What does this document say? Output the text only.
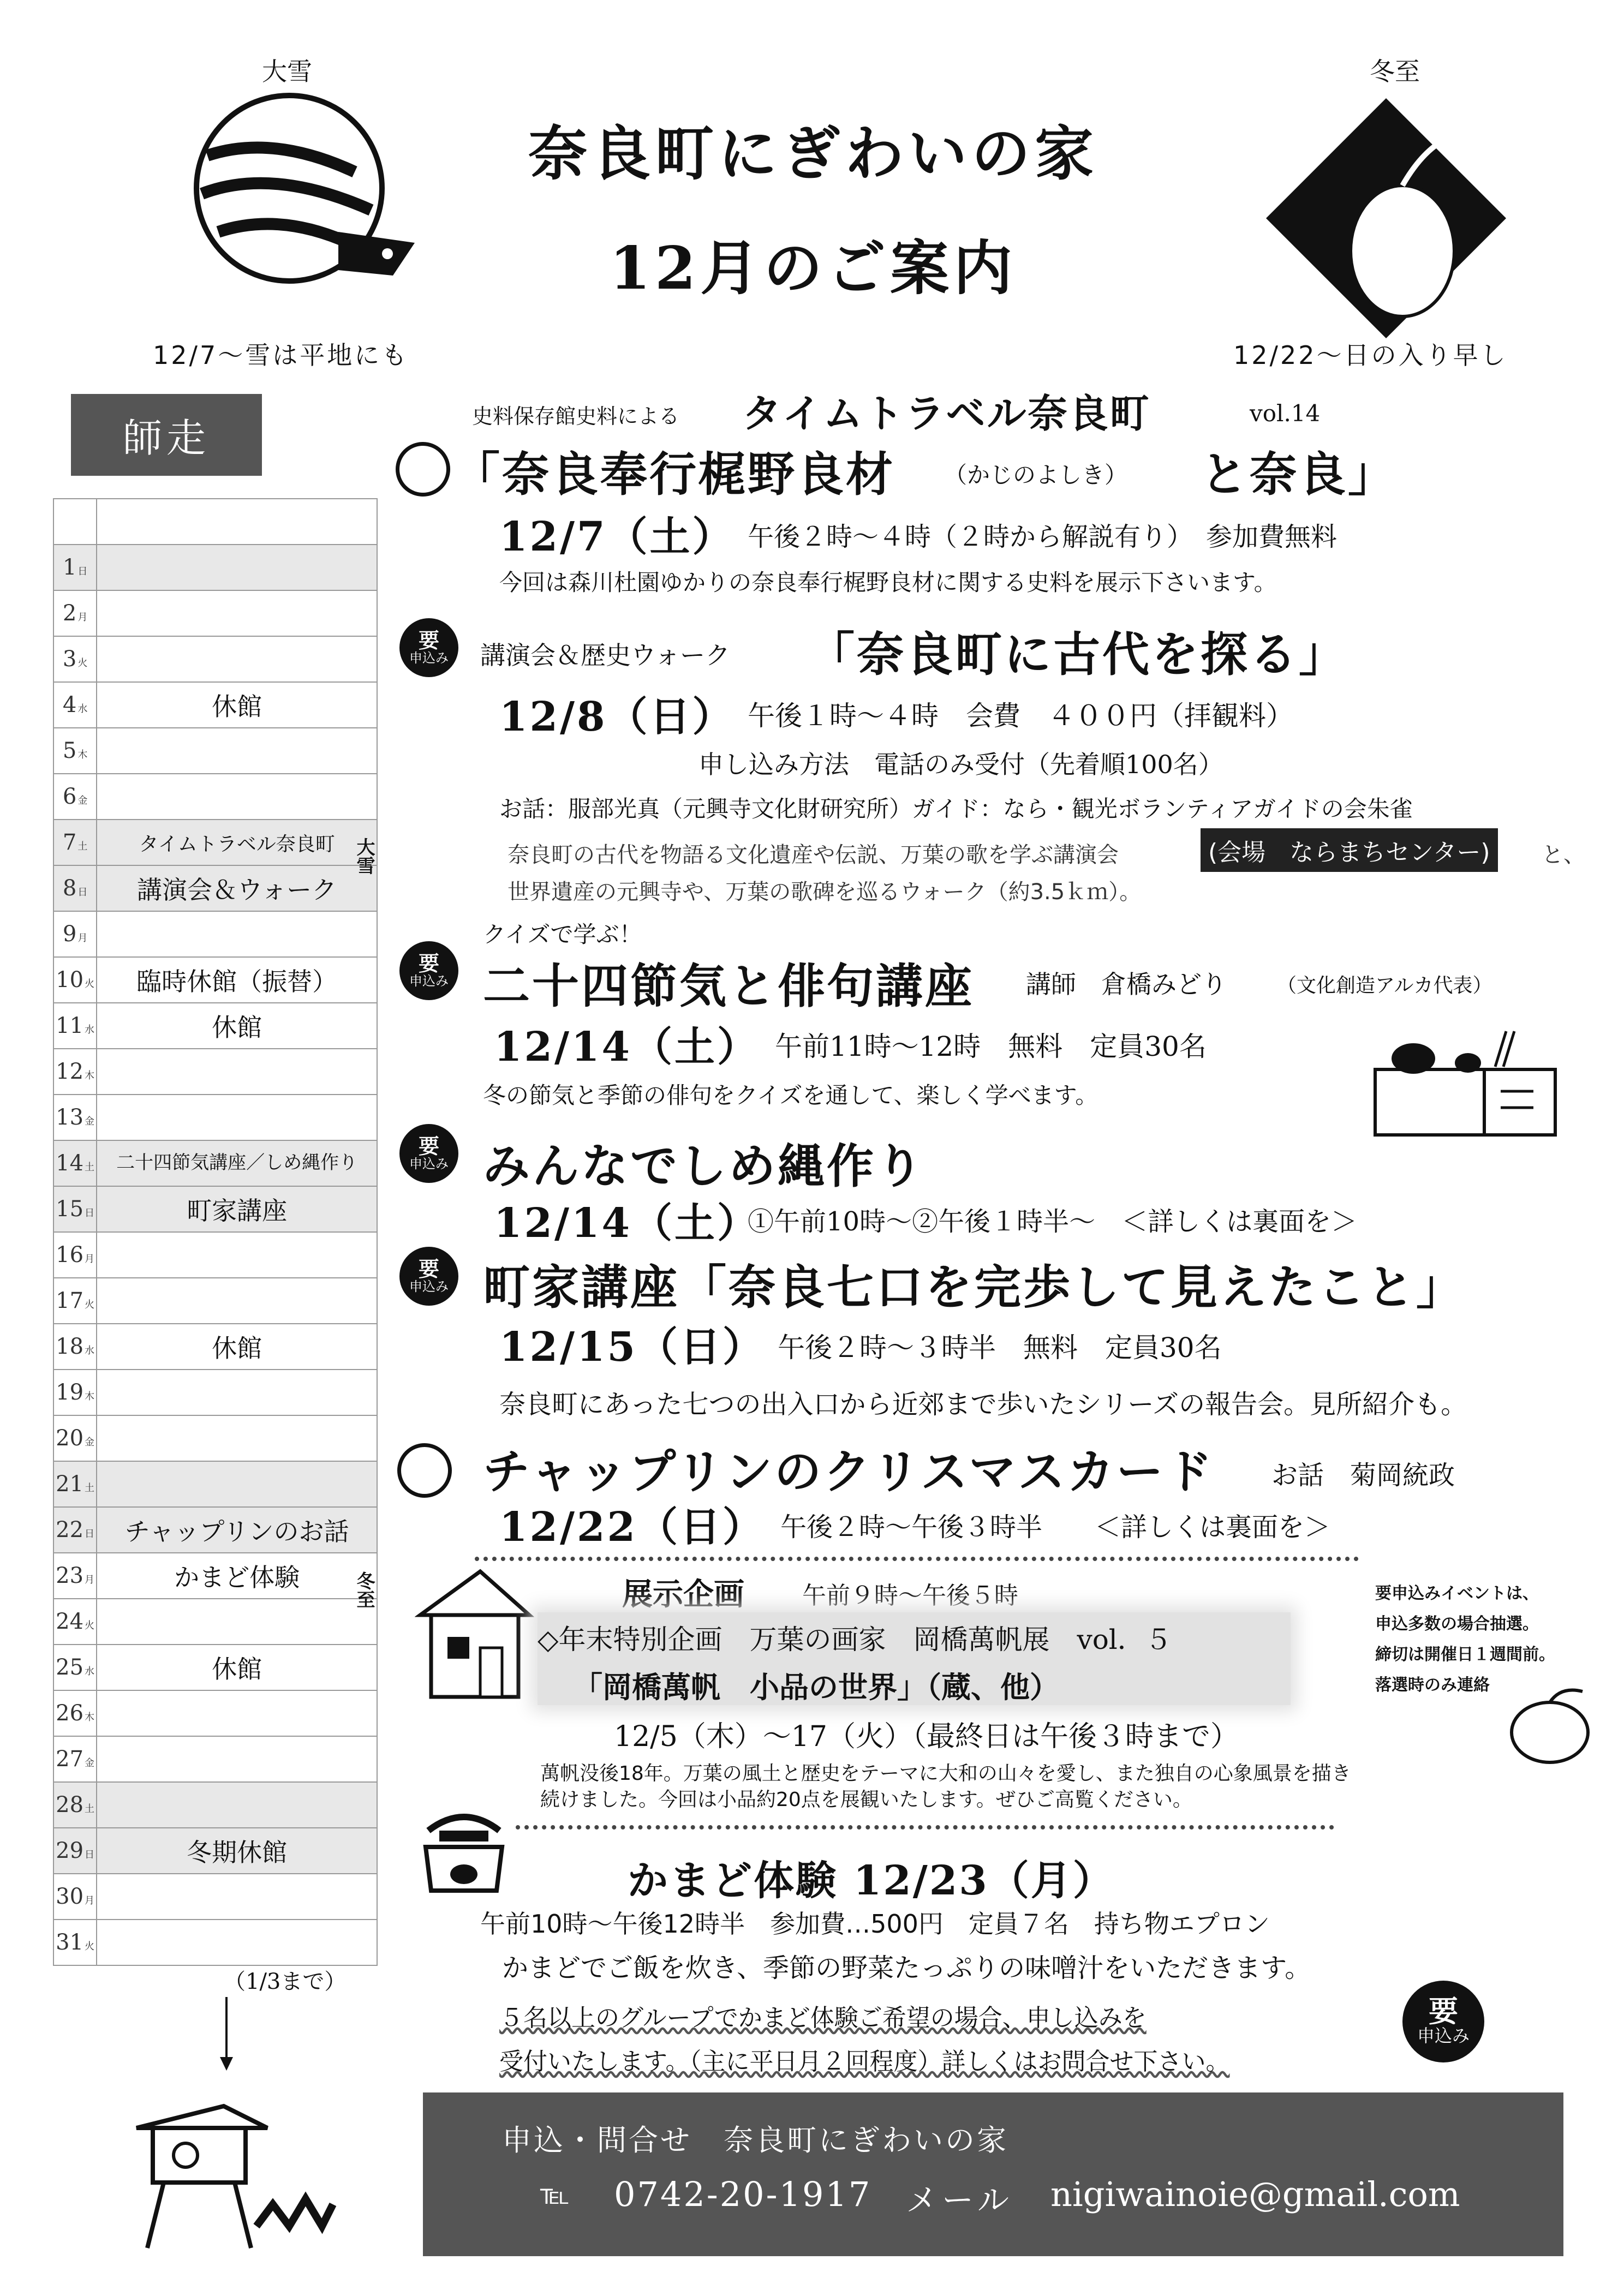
大雪
12/7〜雪は平地にも
奈良町にぎわいの家
12月のご案内
冬至
12/22〜日の入り早し
師走

1 日	
2 月	
3 火	
4 水	休館

5 木	
6 金	
7 土	タイムトラベル奈良町

8 日	講演会＆ウォーク

9 月	
10 火	臨時休館（振替）

11 水	休館

12 木	
13 金	
14 土	二十四節気講座／しめ縄作り

15 日	町家講座

16 月	
17 火	
18 水	休館

19 木	
20 金	
21 土	
22 日	チャップリンのお話

23 月	かまど体験

24 火	
25 水	休館

26 木	
27 金	
28 土	
29 日	冬期休館

30 月	
31 火	
大雪
冬至
（1/3まで）
史料保存館史料による タイムトラベル奈良町	vol.14
「奈良奉行梶野良材 （かじのよしき） と奈良」
12/7（土） 午後２時〜４時（２時から解説有り）　参加費無料
今回は森川杜園ゆかりの奈良奉行梶野良材に関する史料を展示下さいます。
要
申込み 講演会＆歴史ウォーク 「奈良町に古代を探る」
12/8（日） 午後１時〜４時　会費　４００円（拝観料）
申し込み方法　電話のみ受付（先着順100名）
お話：服部光真（元興寺文化財研究所）ガイド：なら・観光ボランティアガイドの会朱雀
奈良町の古代を物語る文化遺産や伝説、万葉の歌を学ぶ講演会	(会場　ならまちセンター)	と、
世界遺産の元興寺や、万葉の歌碑を巡るウォーク（約3.5ｋｍ）。
クイズで学ぶ！
要
申込み 二十四節気と俳句講座 講師　倉橋みどり	（文化創造アルカ代表）
12/14（土） 午前11時〜12時　無料　定員30名
冬の節気と季節の俳句をクイズを通して、楽しく学べます。
要
申込み みんなでしめ縄作り
12/14（土）
①午前10時〜②午後１時半〜　＜詳しくは裏面を＞
要
申込み 町家講座「奈良七口を完歩して見えたこと」
12/15（日） 午後２時〜３時半　無料　定員30名
奈良町にあった七つの出入口から近郊まで歩いたシリーズの報告会。見所紹介も。
チャップリンのクリスマスカード お話　菊岡統政
12/22（日） 午後２時〜午後３時半　　＜詳しくは裏面を＞
展示企画 午前９時〜午後５時
◇年末特別企画　万葉の画家　岡橋萬帆展　vol．５
「岡橋萬帆　小品の世界」（蔵、他）
12/5（木）〜17（火）（最終日は午後３時まで）
萬帆没後18年。万葉の風土と歴史をテーマに大和の山々を愛し、また独自の心象風景を描き
続けました。今回は小品約20点を展観いたします。ぜひご高覧ください。
要申込みイベントは、
申込多数の場合抽選。
締切は開催日１週間前。
落選時のみ連絡
かまど体験 12/23（月）
午前10時〜午後12時半　参加費…500円　定員７名　持ち物エプロン
かまどでご飯を炊き、季節の野菜たっぷりの味噌汁をいただきます。
５名以上のグループでかまど体験ご希望の場合、申し込みを
受付いたします。（主に平日月２回程度）詳しくはお問合せ下さい。
要
申込み
申込・問合せ　奈良町にぎわいの家
℡ 0742-20-1917 メール nigiwainoie@gmail.com
